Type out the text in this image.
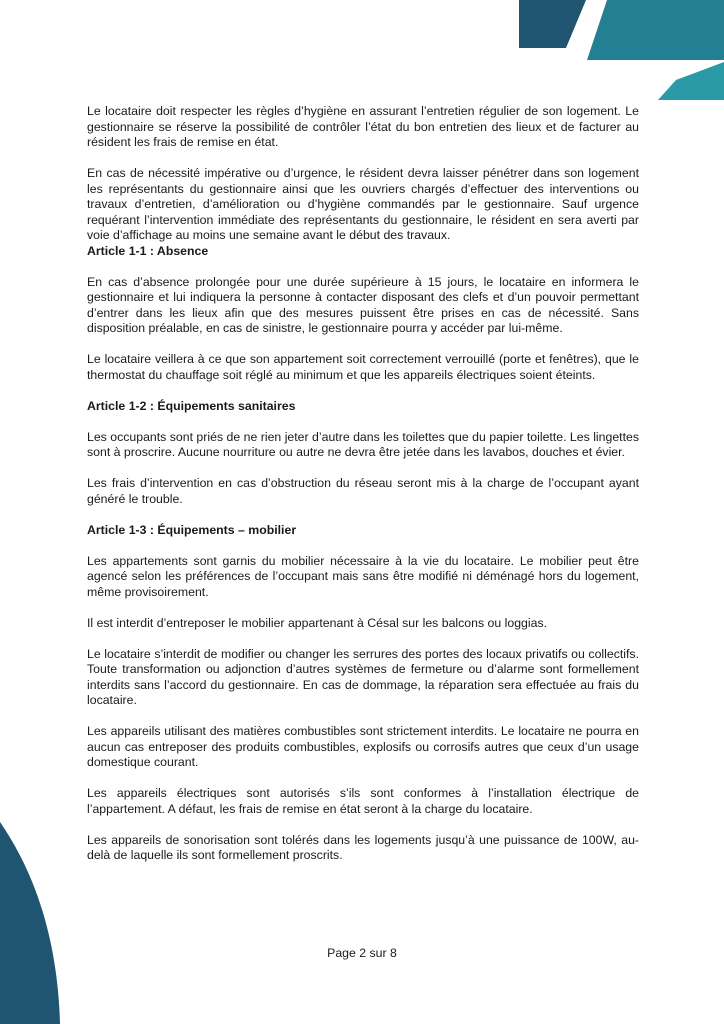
Le locataire doit respecter les règles d’hygiène en assurant l’entretien régulier de son logement. Le gestionnaire se réserve la possibilité de contrôler l’état du bon entretien des lieux et de facturer au résident les frais de remise en état.

En cas de nécessité impérative ou d’urgence, le résident devra laisser pénétrer dans son logement les représentants du gestionnaire ainsi que les ouvriers chargés d’effectuer des interventions ou travaux d’entretien, d’amélioration ou d’hygiène commandés par le gestionnaire. Sauf urgence requérant l’intervention immédiate des représentants du gestionnaire, le résident en sera averti par voie d’affichage au moins une semaine avant le début des travaux.

Article 1-1 : Absence

En cas d’absence prolongée pour une durée supérieure à 15 jours, le locataire en informera le gestionnaire et lui indiquera la personne à contacter disposant des clefs et d’un pouvoir permettant d’entrer dans les lieux afin que des mesures puissent être prises en cas de nécessité. Sans disposition préalable, en cas de sinistre, le gestionnaire pourra y accéder par lui-même.

Le locataire veillera à ce que son appartement soit correctement verrouillé (porte et fenêtres), que le thermostat du chauffage soit réglé au minimum et que les appareils électriques soient éteints.

Article 1-2 : Équipements sanitaires

Les occupants sont priés de ne rien jeter d’autre dans les toilettes que du papier toilette. Les lingettes sont à proscrire. Aucune nourriture ou autre ne devra être jetée dans les lavabos, douches et évier.

Les frais d’intervention en cas d’obstruction du réseau seront mis à la charge de l’occupant ayant généré le trouble.

Article 1-3 : Équipements – mobilier

Les appartements sont garnis du mobilier nécessaire à la vie du locataire. Le mobilier peut être agencé selon les préférences de l’occupant mais sans être modifié ni déménagé hors du logement, même provisoirement.

Il est interdit d’entreposer le mobilier appartenant à Césal sur les balcons ou loggias.

Le locataire s’interdit de modifier ou changer les serrures des portes des locaux privatifs ou collectifs. Toute transformation ou adjonction d’autres systèmes de fermeture ou d’alarme sont formellement interdits sans l’accord du gestionnaire. En cas de dommage, la réparation sera effectuée au frais du locataire.

Les appareils utilisant des matières combustibles sont strictement interdits. Le locataire ne pourra en aucun cas entreposer des produits combustibles, explosifs ou corrosifs autres que ceux d’un usage domestique courant.

Les appareils électriques sont autorisés s’ils sont conformes à l’installation électrique de l’appartement. A défaut, les frais de remise en état seront à la charge du locataire.

Les appareils de sonorisation sont tolérés dans les logements jusqu’à une puissance de 100W, au-delà de laquelle ils sont formellement proscrits.

Page 2 sur 8
